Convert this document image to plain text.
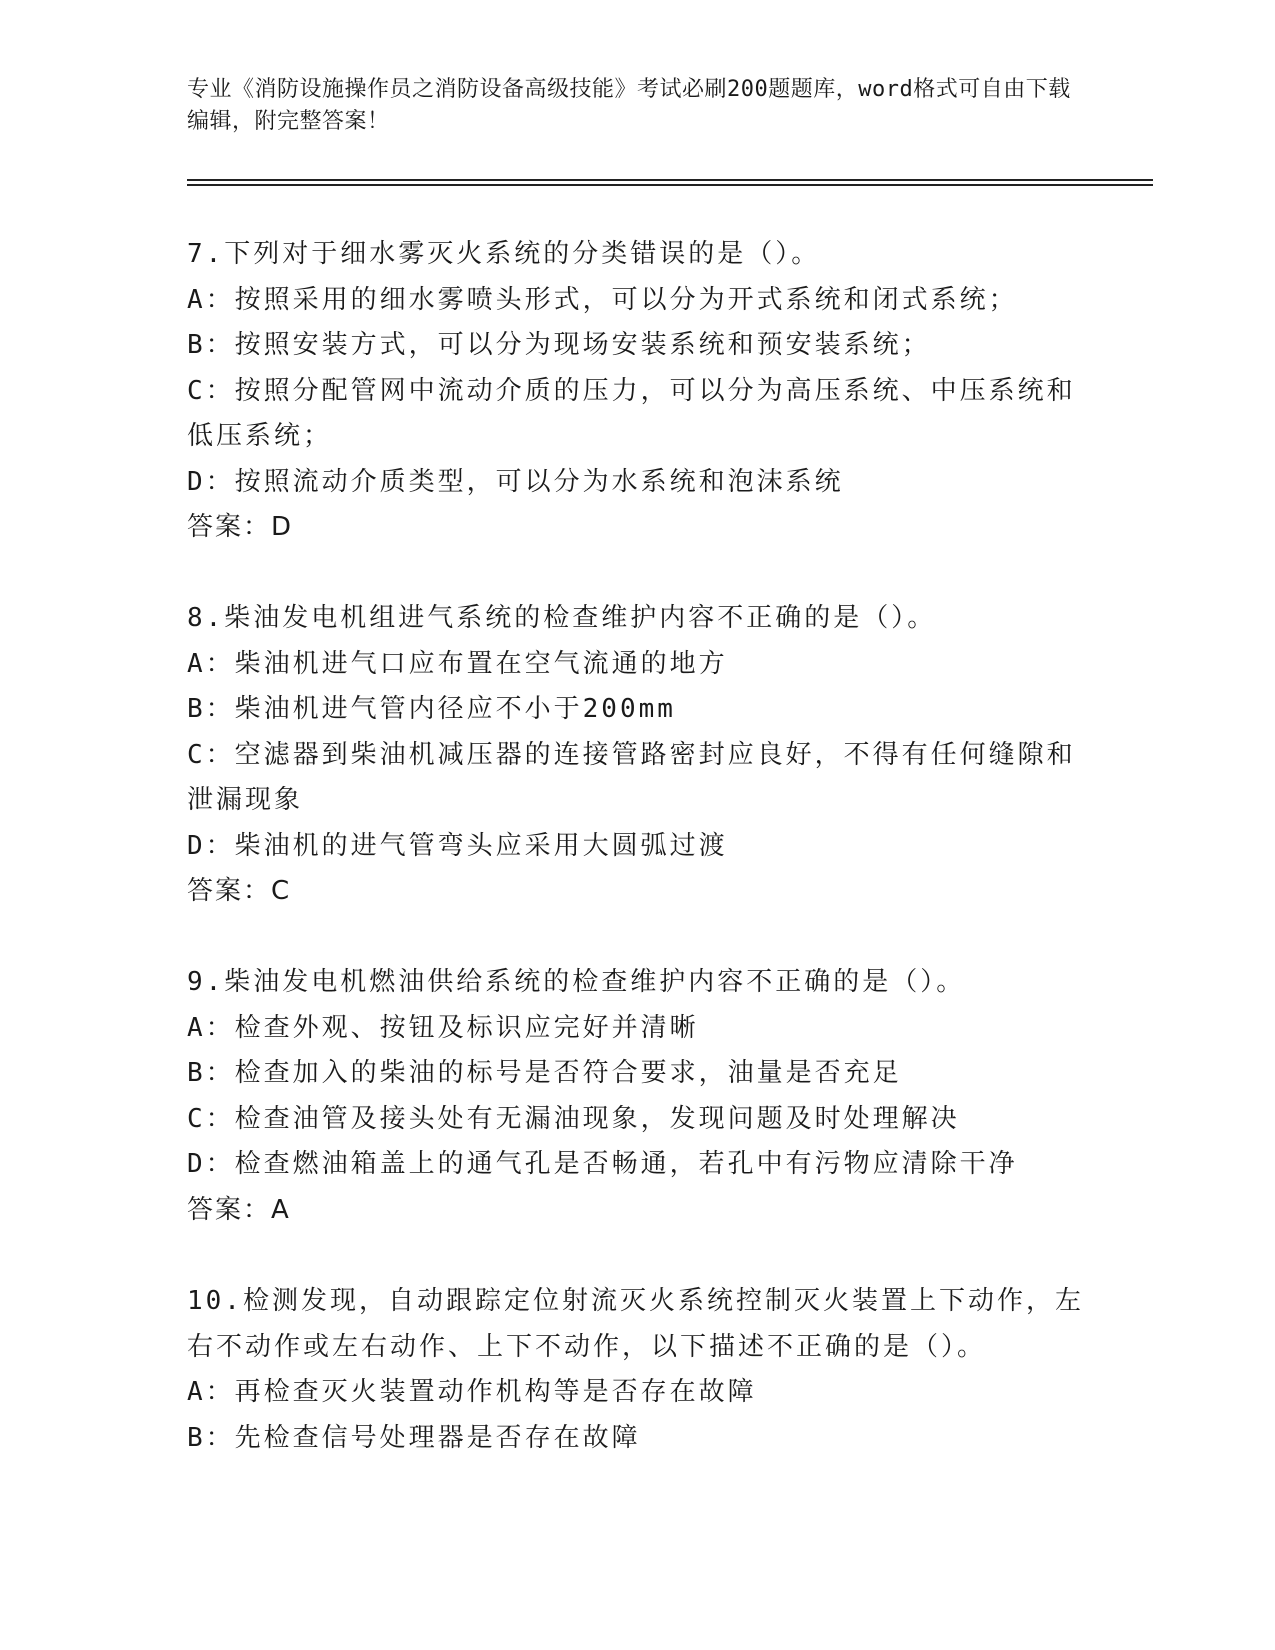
专业《消防设施操作员之消防设备高级技能》考试必刷200题题库，word格式可自由下载编辑，附完整答案！
7.下列对于细水雾灭火系统的分类错误的是（）。
A：按照采用的细水雾喷头形式，可以分为开式系统和闭式系统；
B：按照安装方式，可以分为现场安装系统和预安装系统；
C：按照分配管网中流动介质的压力，可以分为高压系统、中压系统和
低压系统；
D：按照流动介质类型，可以分为水系统和泡沫系统
答案：D
8.柴油发电机组进气系统的检查维护内容不正确的是（）。
A：柴油机进气口应布置在空气流通的地方
B：柴油机进气管内径应不小于200mm
C：空滤器到柴油机减压器的连接管路密封应良好，不得有任何缝隙和
泄漏现象
D：柴油机的进气管弯头应采用大圆弧过渡
答案：C
9.柴油发电机燃油供给系统的检查维护内容不正确的是（）。
A：检查外观、按钮及标识应完好并清晰
B：检查加入的柴油的标号是否符合要求，油量是否充足
C：检查油管及接头处有无漏油现象，发现问题及时处理解决
D：检查燃油箱盖上的通气孔是否畅通，若孔中有污物应清除干净
答案：A
10.检测发现，自动跟踪定位射流灭火系统控制灭火装置上下动作，左
右不动作或左右动作、上下不动作，以下描述不正确的是（）。
A：再检查灭火装置动作机构等是否存在故障
B：先检查信号处理器是否存在故障
